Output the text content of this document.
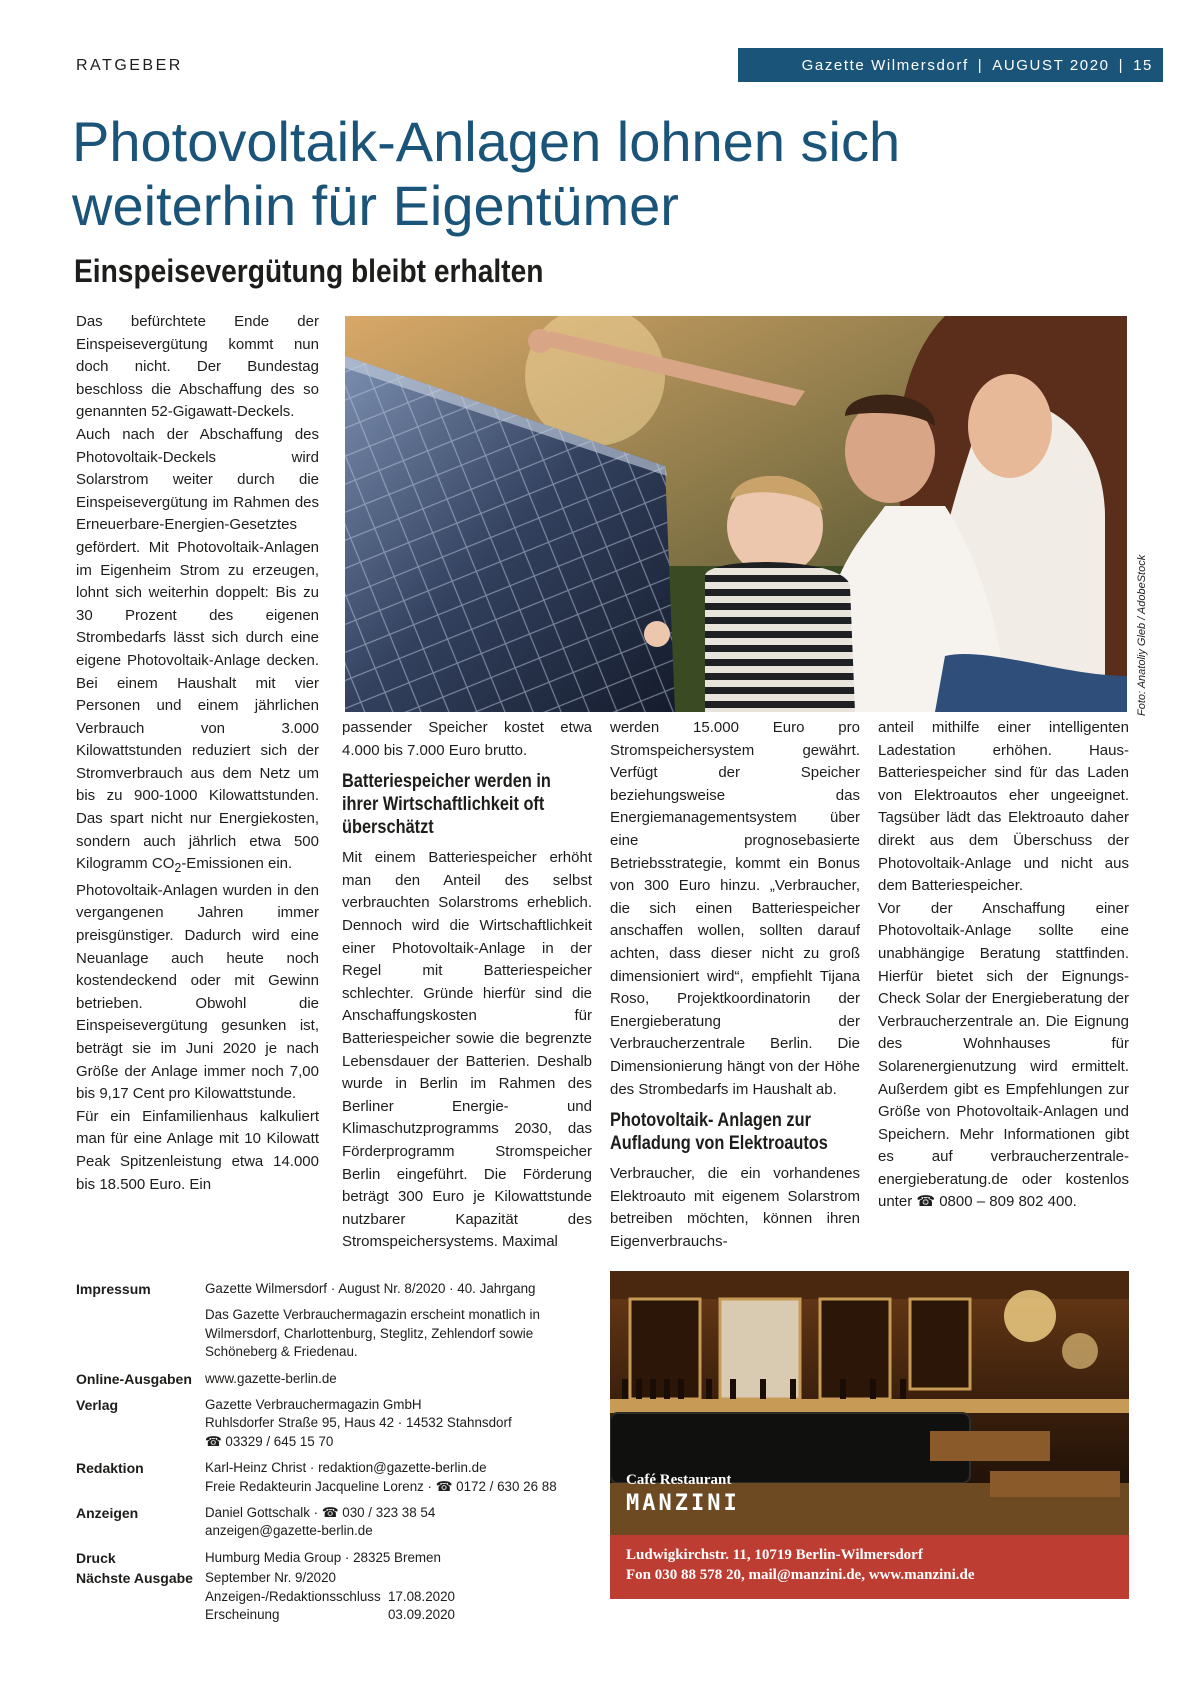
RATGEBER	Gazette Wilmersdorf | AUGUST 2020 | 15
Photovoltaik-Anlagen lohnen sich
weiterhin für Eigentümer
Einspeisevergütung bleibt erhalten
Foto: Anatoliy Gleb / AdobeStock

Das befürchtete Ende der Einspeisevergütung kommt nun doch nicht. Der Bundestag beschloss die Abschaffung des so genannten 52-Gigawatt-Deckels.

Auch nach der Abschaffung des Photovoltaik-Deckels wird Solarstrom weiter durch die Einspeisevergütung im Rahmen des Erneuerbare-Energien-Gesetztes gefördert. Mit Photovoltaik-Anlagen im Eigenheim Strom zu erzeugen, lohnt sich weiterhin doppelt: Bis zu 30 Prozent des eigenen Strombedarfs lässt sich durch eine eigene Photovoltaik-Anlage decken. Bei einem Haushalt mit vier Personen und einem jährlichen Verbrauch von 3.000 Kilowattstunden reduziert sich der Stromverbrauch aus dem Netz um bis zu 900-1000 Kilowattstunden. Das spart nicht nur Energiekosten, sondern auch jährlich etwa 500 Kilogramm $CO_2$-Emissionen ein.

Photovoltaik-Anlagen wurden in den vergangenen Jahren immer preisgünstiger. Dadurch wird eine Neuanlage auch heute noch kostendeckend oder mit Gewinn betrieben. Obwohl die Einspeisevergütung gesunken ist, beträgt sie im Juni 2020 je nach Größe der Anlage immer noch 7,00 bis 9,17 Cent pro Kilowattstunde.

Für ein Einfamilienhaus kalkuliert man für eine Anlage mit 10 Kilowatt Peak Spitzenleistung etwa 14.000 bis 18.500 Euro. Ein

passender Speicher kostet etwa 4.000 bis 7.000 Euro brutto.

Batteriespeicher werden in ihrer Wirtschaftlichkeit oft überschätzt

Mit einem Batteriespeicher erhöht man den Anteil des selbst verbrauchten Solarstroms erheblich. Dennoch wird die Wirtschaftlichkeit einer Photovoltaik-Anlage in der Regel mit Batteriespeicher schlechter. Gründe hierfür sind die Anschaffungskosten für Batteriespeicher sowie die begrenzte Lebensdauer der Batterien. Deshalb wurde in Berlin im Rahmen des Berliner Energie- und Klimaschutzprogramms 2030, das Förderprogramm Stromspeicher Berlin eingeführt. Die Förderung beträgt 300 Euro je Kilowattstunde nutzbarer Kapazität des Stromspeichersystems. Maximal

werden 15.000 Euro pro Stromspeichersystem gewährt. Verfügt der Speicher beziehungsweise das Energiemanagementsystem über eine prognosebasierte Betriebsstrategie, kommt ein Bonus von 300 Euro hinzu. „Verbraucher, die sich einen Batteriespeicher anschaffen wollen, sollten darauf achten, dass dieser nicht zu groß dimensioniert wird“, empfiehlt Tijana Roso, Projektkoordinatorin der Energieberatung der Verbraucherzentrale Berlin. Die Dimensionierung hängt von der Höhe des Strombedarfs im Haushalt ab.

Photovoltaik- Anlagen zur Aufladung von Elektroautos

Verbraucher, die ein vorhandenes Elektroauto mit eigenem Solarstrom betreiben möchten, können ihren Eigenverbrauchs-

anteil mithilfe einer intelligenten Ladestation erhöhen. Haus-Batteriespeicher sind für das Laden von Elektroautos eher ungeeignet. Tagsüber lädt das Elektroauto daher direkt aus dem Überschuss der Photovoltaik-Anlage und nicht aus dem Batteriespeicher.

Vor der Anschaffung einer Photovoltaik-Anlage sollte eine unabhängige Beratung stattfinden. Hierfür bietet sich der Eignungs-Check Solar der Energieberatung der Verbraucherzentrale an. Die Eignung des Wohnhauses für Solarenergienutzung wird ermittelt. Außerdem gibt es Empfehlungen zur Größe von Photovoltaik-Anlagen und Speichern. Mehr Informationen gibt es auf verbraucherzentrale-energieberatung.de oder kostenlos unter ☎ 0800 – 809 802 400.

Impressum	Gazette Wilmersdorf · August Nr. 8/2020 · 40. Jahrgang
Das Gazette Verbrauchermagazin erscheint monatlich in
Wilmersdorf, Charlottenburg, Steglitz, Zehlendorf sowie
Schöneberg & Friedenau.
Online-Ausgaben www.gazette-berlin.de
Verlag	Gazette Verbrauchermagazin GmbH
Ruhlsdorfer Straße 95, Haus 42 · 14532 Stahnsdorf
☎ 03329 / 645 15 70
Redaktion	Karl-Heinz Christ · redaktion@gazette-berlin.de
Freie Redakteurin Jacqueline Lorenz · ☎ 0172 / 630 26 88
Anzeigen	Daniel Gottschalk · ☎ 030 / 323 38 54
anzeigen@gazette-berlin.de
Druck	Humburg Media Group · 28325 Bremen
Nächste Ausgabe September Nr. 9/2020
Anzeigen-/Redaktionsschluss 17.08.2020
Erscheinung	03.09.2020
Café Restaurant
MANZINI
Ludwigkirchstr. 11, 10719 Berlin-Wilmersdorf
Fon 030 88 578 20, mail@manzini.de, www.manzini.de
